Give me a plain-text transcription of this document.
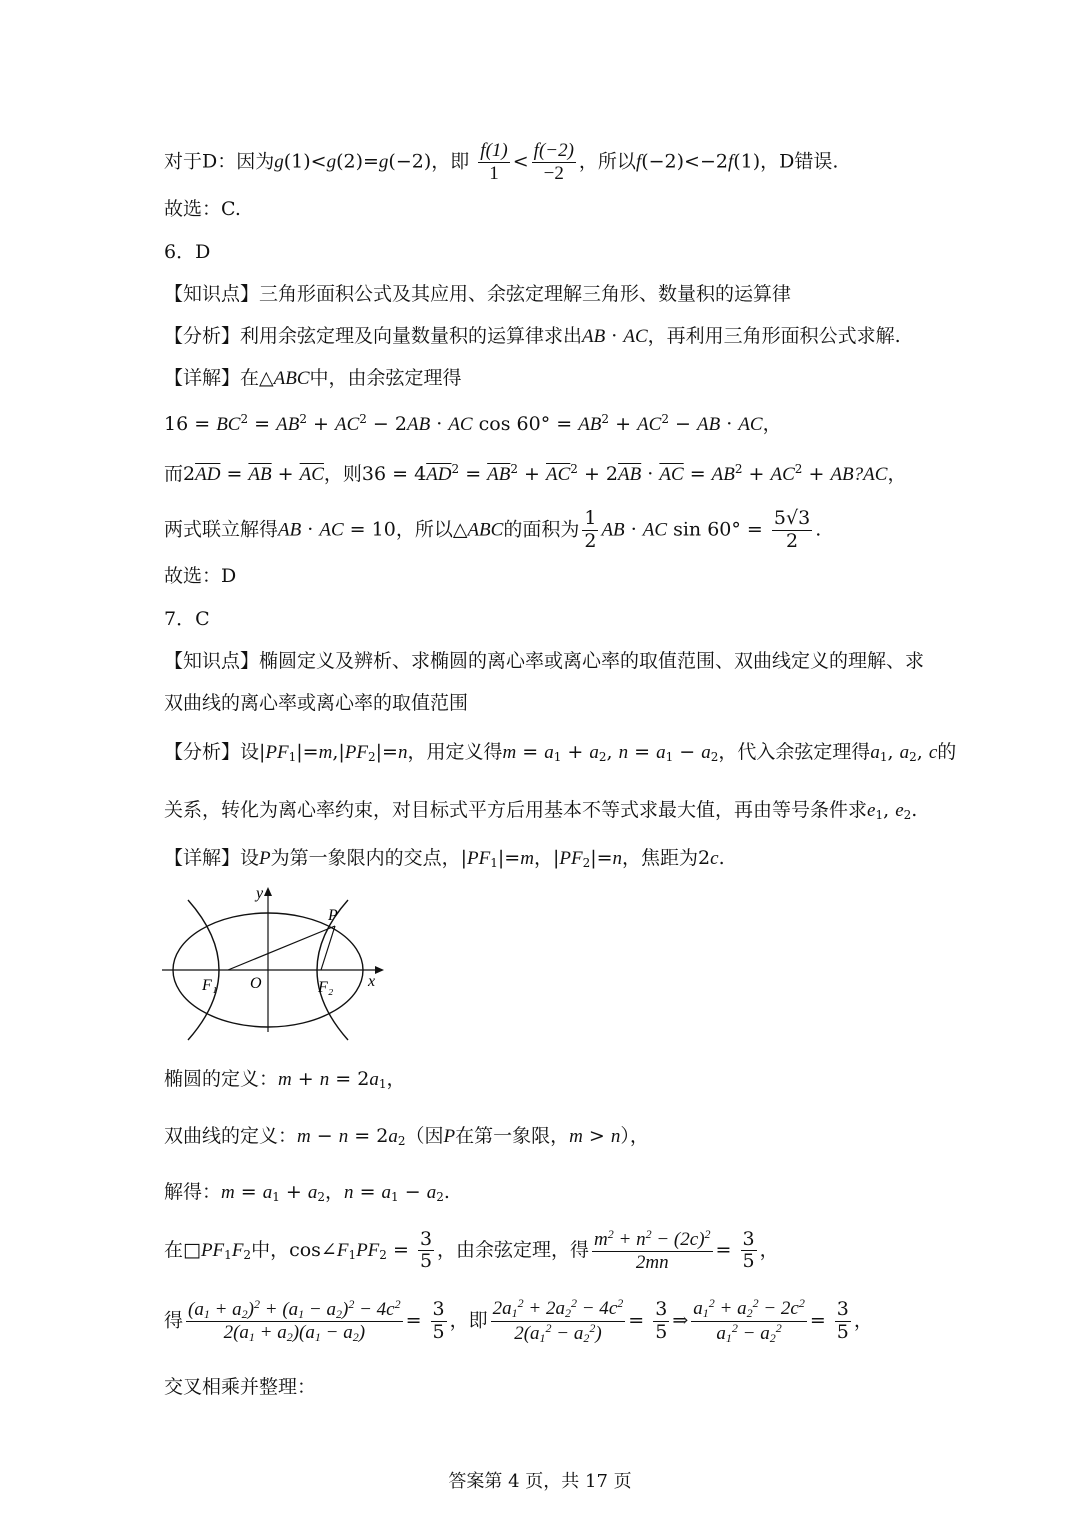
对于D：因为g(1)<g(2)=g(−2)，即 $\frac{f(1)}{1} < \frac{f(-2)}{-2}$ ，所以f(−2)<−2f(1)，D错误.
故选：C.
6．D
【知识点】三角形面积公式及其应用、余弦定理解三角形、数量积的运算律
【分析】利用余弦定理及向量数量积的运算律求出AB · AC，再利用三角形面积公式求解.
【详解】在△ABC中，由余弦定理得
$16 = BC^2 = AB^2 + AC^2 - 2AB$ · AC $\cos 60^\circ = AB^2 + AC^2$ − AB · AC，
而$2\overline{AD} = \overline{AB} + \overline{AC}$，则$36 = 4\overline{AD}^2 = \overline{AB}^2 + \overline{AC}^2 + 2\overline{AB} \cdot \overline{AC} = AB^2 + AC^2$ + AB?AC，
两式联立解得AB · AC = 10，所以△ABC的面积为 $\frac{1}{2}$ AB · AC $\sin 60^\circ = \frac{5√3}{2}$ .
故选：D
7．C
【知识点】椭圆定义及辨析、求椭圆的离心率或离心率的取值范围、双曲线定义的理解、求
双曲线的离心率或离心率的取值范围
【分析】设$|PF_1|=m,|PF_2|=n$，用定义得$m = a_1 + a_2$, $n = a_1 - a_2$，代入余弦定理得$a_1$, $a_2$, c的
关系，转化为离心率约束，对目标式平方后用基本不等式求最大值，再由等号条件求$e_1$, $e_2$.
【详解】设P为第一象限内的交点，$|PF_1|=m$，$|PF_2|=n$，焦距为2c.
y
x
O
P
F₁	F₂
椭圆的定义：$m + n = 2a_1$，
双曲线的定义：$m - n = 2a_2$（因P在第一象限，m > n），
解得：$m = a_1 + a_2$，$n = a_1 - a_2$.
在$□PF_1F_2$中，$\cos\angle F_1PF_2 = \frac{3}{5}$ ，由余弦定理，得 $\frac{m^2 + n^2 - (2c)^2}{2mn} = \frac{3}{5}$ ，
得 $\frac{(a_1 + a_2)^2 + (a_1 - a_2)^2 - 4c^2}{2(a_1 + a_2)(a_1 - a_2)} = \frac{3}{5}$ ，即 $\frac{2a_1^2 + 2a_2^2 - 4c^2}{2(a_1^2 - a_2^2)} = \frac{3}{5}$ ⇒ $\frac{a_1^2 + a_2^2 - 2c^2}{a_1^2 - a_2^2} = \frac{3}{5}$ ，
交叉相乘并整理：
答案第 4 页，共 17 页
